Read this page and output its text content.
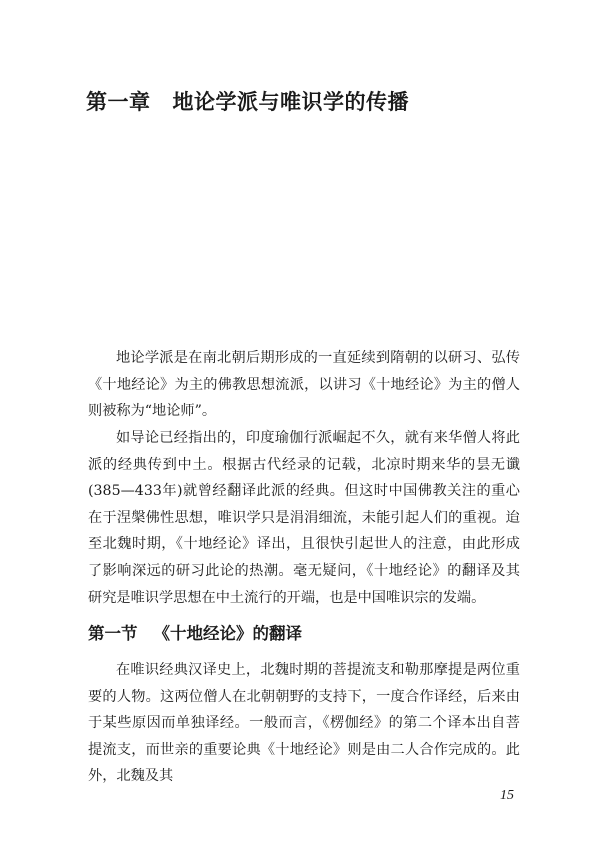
第一章 地论学派与唯识学的传播

地论学派是在南北朝后期形成的一直延续到隋朝的以研习、弘传《十地经论》为主的佛教思想流派，以讲习《十地经论》为主的僧人则被称为“地论师”。

如导论已经指出的，印度瑜伽行派崛起不久，就有来华僧人将此派的经典传到中土。根据古代经录的记载，北凉时期来华的昙无谶(385—433年)就曾经翻译此派的经典。但这时中国佛教关注的重心在于涅槃佛性思想，唯识学只是涓涓细流，未能引起人们的重视。迨至北魏时期，《十地经论》译出，且很快引起世人的注意，由此形成了影响深远的研习此论的热潮。毫无疑问，《十地经论》的翻译及其研究是唯识学思想在中土流行的开端，也是中国唯识宗的发端。

第一节 《十地经论》的翻译

在唯识经典汉译史上，北魏时期的菩提流支和勒那摩提是两位重要的人物。这两位僧人在北朝朝野的支持下，一度合作译经，后来由于某些原因而单独译经。一般而言，《楞伽经》的第二个译本出自菩提流支，而世亲的重要论典《十地经论》则是由二人合作完成的。此外，北魏及其

15
